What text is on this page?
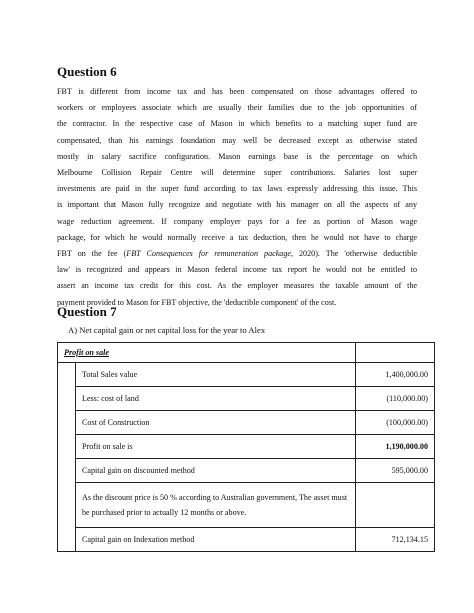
Question 6

FBT is different from income tax and has been compensated on those advantages offered to
workers or employees associate which are usually their families due to the job opportunities of
the contractor. In the respective case of Mason in which benefits to a matching super fund are
compensated, than his earnings foundation may well be decreased except as otherwise stated
mostly in salary sacrifice configuration. Mason earnings base is the percentage on which
Melbourne Collision Repair Centre will determine super contributions. Salaries lost super
investments are paid in the super fund according to tax laws expressly addressing this issue. This
is important that Mason fully recognize and negotiate with his manager on all the aspects of any
wage reduction agreement. If company employer pays for a fee as portion of Mason wage
package, for which he would normally receive a tax deduction, then he would not have to charge
FBT on the fee (FBT Consequences for remuneration package, 2020). The 'otherwise deductible
law' is recognized and appears in Mason federal income tax report he would not be entitled to
assert an income tax credit for this cost. As the employer measures the taxable amount of the
payment provided to Mason for FBT objective, the 'deductible component' of the cost.

Question 7
A) Net capital gain or net capital loss for the year to Alex
Profit on sale		
	Total Sales value	1,400,000.00
	Less: cost of land	(110,000.00)
	Cost of Construction	(100,000.00)
	Profit on sale is	1,190,000.00
	Capital gain on discounted method	595,000.00
	As the discount price is 50 % according to Australian government, The asset must be purchased prior to actually 12 months or above.	
	Capital gain on Indexation method	712,134.15
